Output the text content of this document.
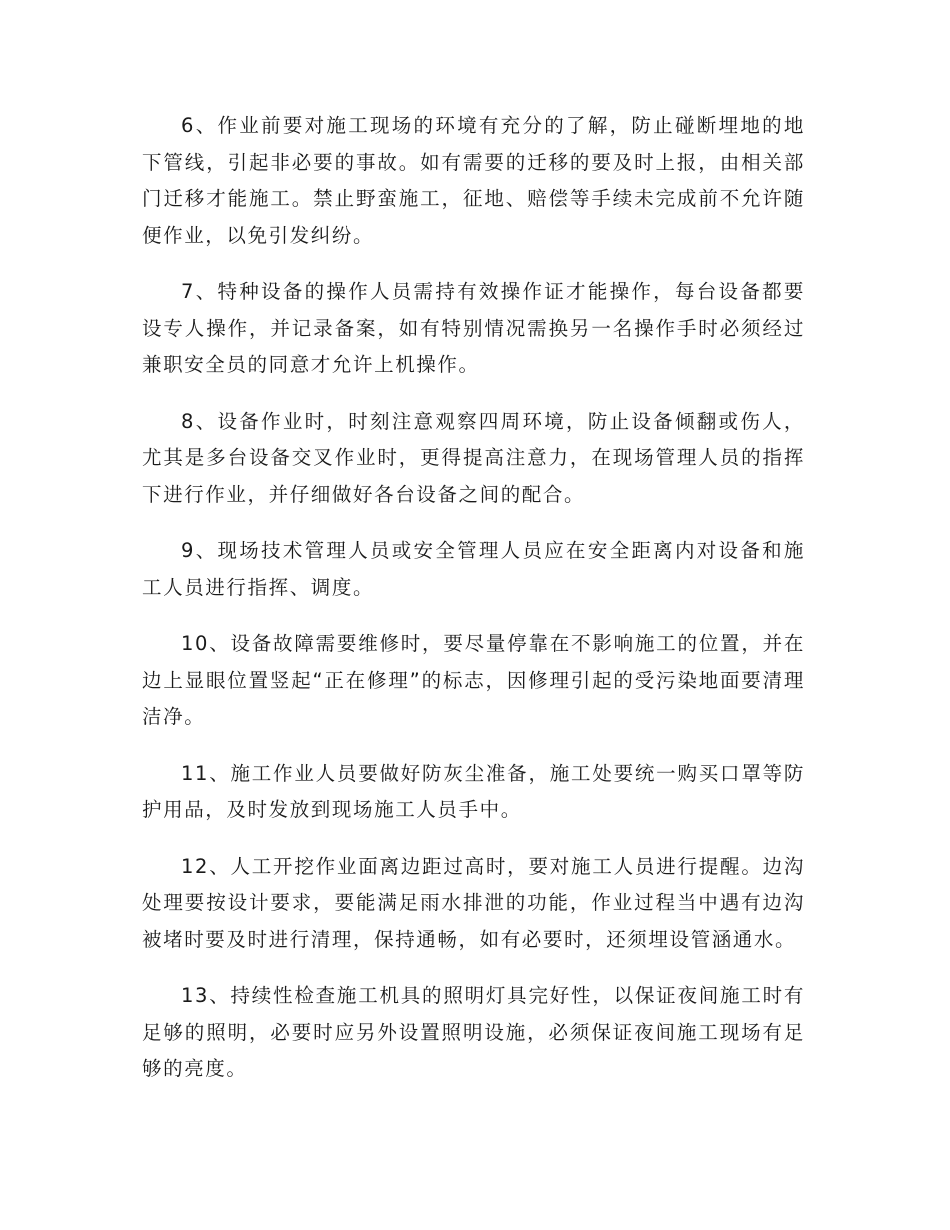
6、作业前要对施工现场的环境有充分的了解，防止碰断埋地的地下管线，引起非必要的事故。如有需要的迁移的要及时上报，由相关部门迁移才能施工。禁止野蛮施工，征地、赔偿等手续未完成前不允许随便作业，以免引发纠纷。

7、特种设备的操作人员需持有效操作证才能操作，每台设备都要设专人操作，并记录备案，如有特别情况需换另一名操作手时必须经过兼职安全员的同意才允许上机操作。

8、设备作业时，时刻注意观察四周环境，防止设备倾翻或伤人，尤其是多台设备交叉作业时，更得提高注意力，在现场管理人员的指挥下进行作业，并仔细做好各台设备之间的配合。

9、现场技术管理人员或安全管理人员应在安全距离内对设备和施工人员进行指挥、调度。

10、设备故障需要维修时，要尽量停靠在不影响施工的位置，并在边上显眼位置竖起“正在修理”的标志，因修理引起的受污染地面要清理洁净。

11、施工作业人员要做好防灰尘准备，施工处要统一购买口罩等防护用品，及时发放到现场施工人员手中。

12、人工开挖作业面离边距过高时，要对施工人员进行提醒。边沟处理要按设计要求，要能满足雨水排泄的功能，作业过程当中遇有边沟被堵时要及时进行清理，保持通畅，如有必要时，还须埋设管涵通水。

13、持续性检查施工机具的照明灯具完好性，以保证夜间施工时有足够的照明，必要时应另外设置照明设施，必须保证夜间施工现场有足够的亮度。
